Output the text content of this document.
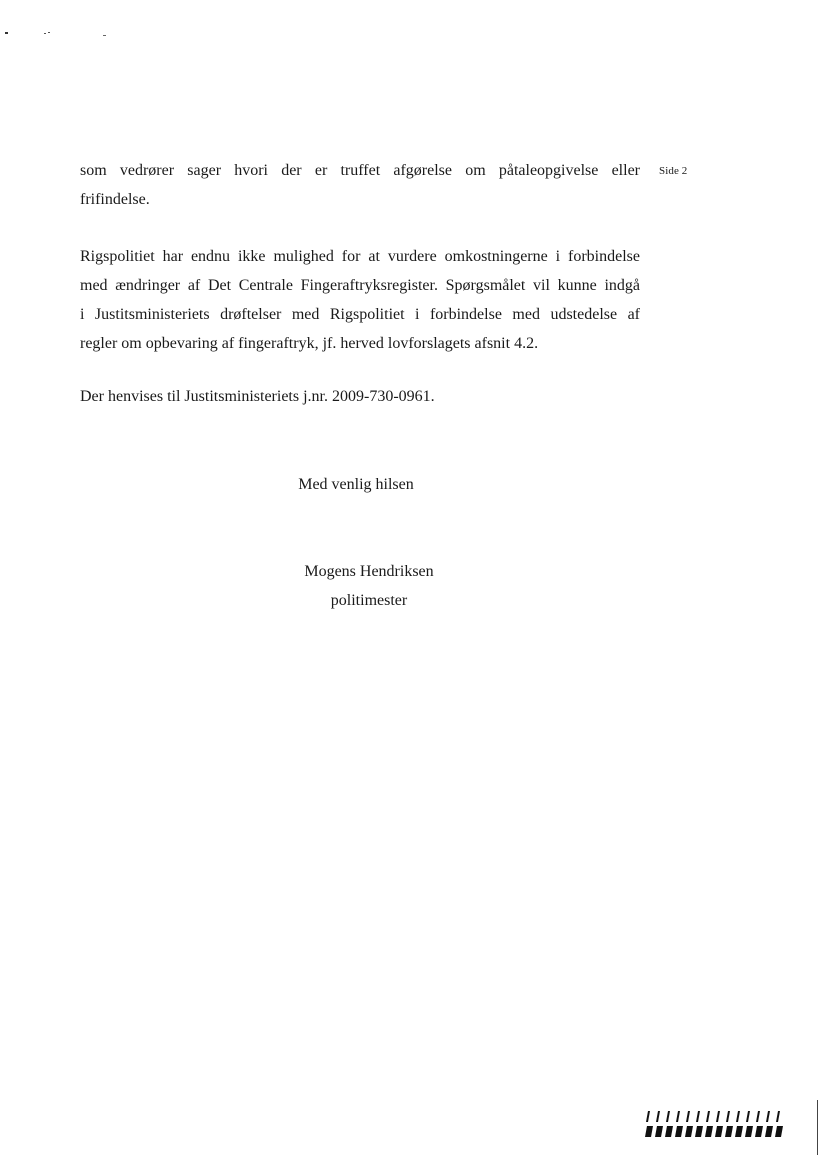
Side 2
som vedrører sager hvori der er truffet afgørelse om påtaleopgivelse eller
frifindelse.
Rigspolitiet har endnu ikke mulighed for at vurdere omkostningerne i forbindelse
med ændringer af Det Centrale Fingeraftryksregister. Spørgsmålet vil kunne indgå
i Justitsministeriets drøftelser med Rigspolitiet i forbindelse med udstedelse af
regler om opbevaring af fingeraftryk, jf. herved lovforslagets afsnit 4.2.
Der henvises til Justitsministeriets j.nr. 2009-730-0961.
Med venlig hilsen
Mogens Hendriksen
politimester
